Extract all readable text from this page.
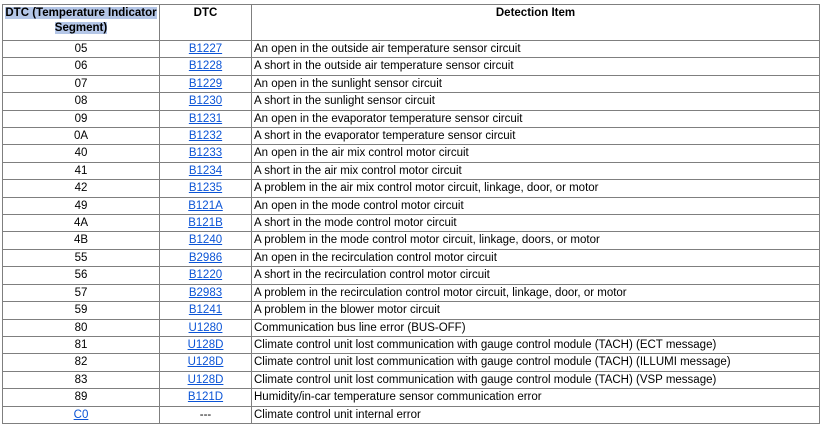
DTC (Temperature Indicator Segment)	DTC	Detection Item
05	B1227	An open in the outside air temperature sensor circuit
06	B1228	A short in the outside air temperature sensor circuit
07	B1229	An open in the sunlight sensor circuit
08	B1230	A short in the sunlight sensor circuit
09	B1231	An open in the evaporator temperature sensor circuit
0A	B1232	A short in the evaporator temperature sensor circuit
40	B1233	An open in the air mix control motor circuit
41	B1234	A short in the air mix control motor circuit
42	B1235	A problem in the air mix control motor circuit, linkage, door, or motor
49	B121A	An open in the mode control motor circuit
4A	B121B	A short in the mode control motor circuit
4B	B1240	A problem in the mode control motor circuit, linkage, doors, or motor
55	B2986	An open in the recirculation control motor circuit
56	B1220	A short in the recirculation control motor circuit
57	B2983	A problem in the recirculation control motor circuit, linkage, door, or motor
59	B1241	A problem in the blower motor circuit
80	U1280	Communication bus line error (BUS-OFF)
81	U128D	Climate control unit lost communication with gauge control module (TACH) (ECT message)
82	U128D	Climate control unit lost communication with gauge control module (TACH) (ILLUMI message)
83	U128D	Climate control unit lost communication with gauge control module (TACH) (VSP message)
89	B121D	Humidity/in-car temperature sensor communication error
C0	---	Climate control unit internal error
